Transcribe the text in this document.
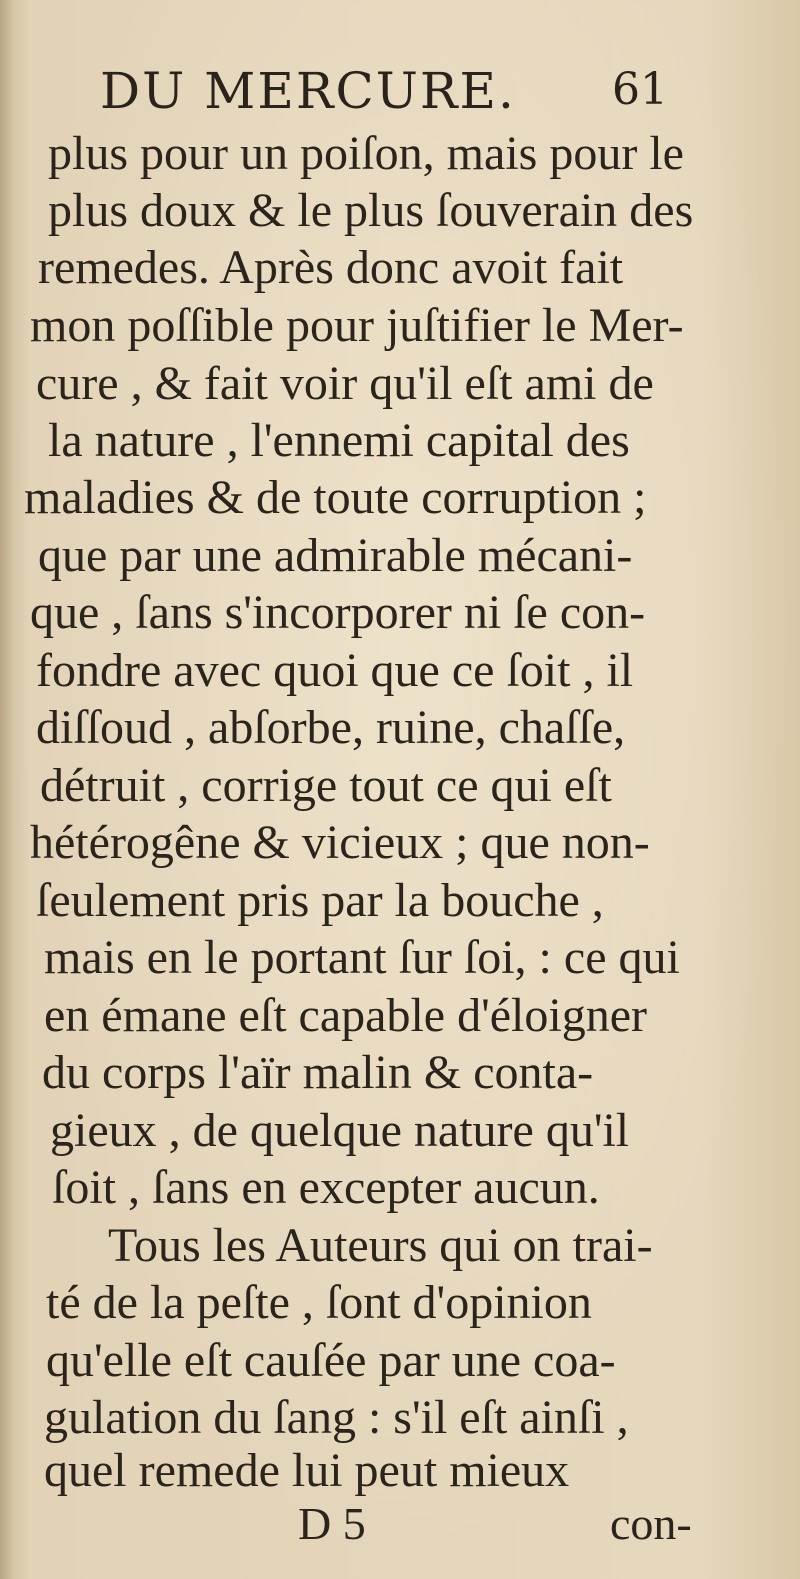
DU MERCURE. 61

plus pour un poiſon, mais pour le

plus doux & le plus ſouverain des

remedes. Après donc avoit fait

mon poſſible pour juſtifier le Mer-

cure , & fait voir qu'il eſt ami de

la nature , l'ennemi capital des

maladies & de toute corruption ;

que par une admirable mécani-

que , ſans s'incorporer ni ſe con-

fondre avec quoi que ce ſoit , il

diſſoud , abſorbe, ruine, chaſſe,

détruit , corrige tout ce qui eſt

hétérogêne & vicieux ; que non-

ſeulement pris par la bouche ,

mais en le portant ſur ſoi, : ce qui

en émane eſt capable d'éloigner

du corps l'aïr malin & conta-

gieux , de quelque nature qu'il

ſoit , ſans en excepter aucun.

Tous les Auteurs qui on trai-

té de la peſte , ſont d'opinion

qu'elle eſt cauſée par une coa-

gulation du ſang : s'il eſt ainſi ,

quel remede lui peut mieux

D 5	con-
